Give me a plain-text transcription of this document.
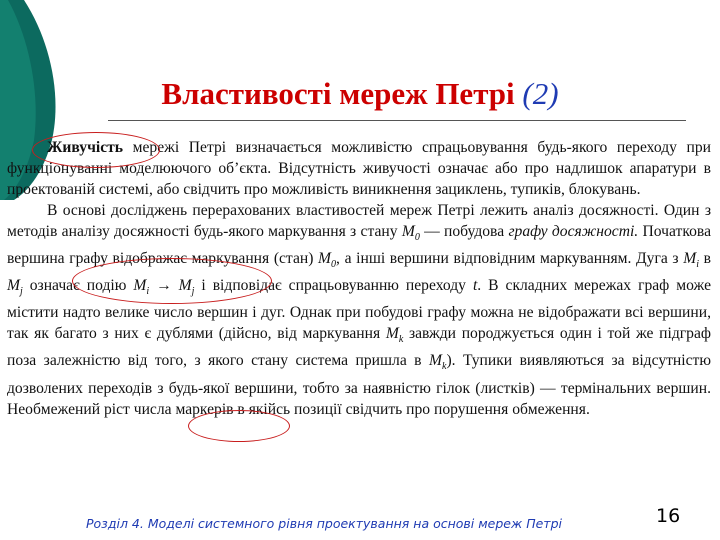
Властивості мереж Петрі (2)

Живучість мережі Петрі визначається можливістю спрацьовування будь-якого переходу при функціонуванні моделюючого об’єкта. Відсутність живучості означає або про надлишок апаратури в проектованій системі, або свідчить про можливість виникнення зациклень, тупиків, блокувань.

В основі досліджень перерахованих властивостей мереж Петрі лежить аналіз досяжності. Один з методів аналізу досяжності будь-якого маркування з стану $M_0$ — побудова графу досяжності. Початкова вершина графу відображає маркування (стан) $M_0$, а інші вершини відповідним маркуванням. Дуга з $M_i$ в $M_j$ означає подію $M_i \to M_j$ і відповідає спрацьовуванню переходу t. В складних мережах граф може містити надто велике число вершин і дуг. Однак при побудові графу можна не відображати всі вершини, так як багато з них є дублями (дійсно, від маркування $M_k$ завжди породжується один і той же підграф поза залежністю від того, з якого стану система пришла в $M_k$). Тупики виявляються за відсутністю дозволених переходів з будь-якої вершини, тобто за наявністю гілок (листків) — термінальних вершин. Необмежений ріст числа маркерів в якійсь позиції свідчить про порушення обмеження.

Розділ 4. Моделі системного рівня проектування на основі мереж Петрі	16
